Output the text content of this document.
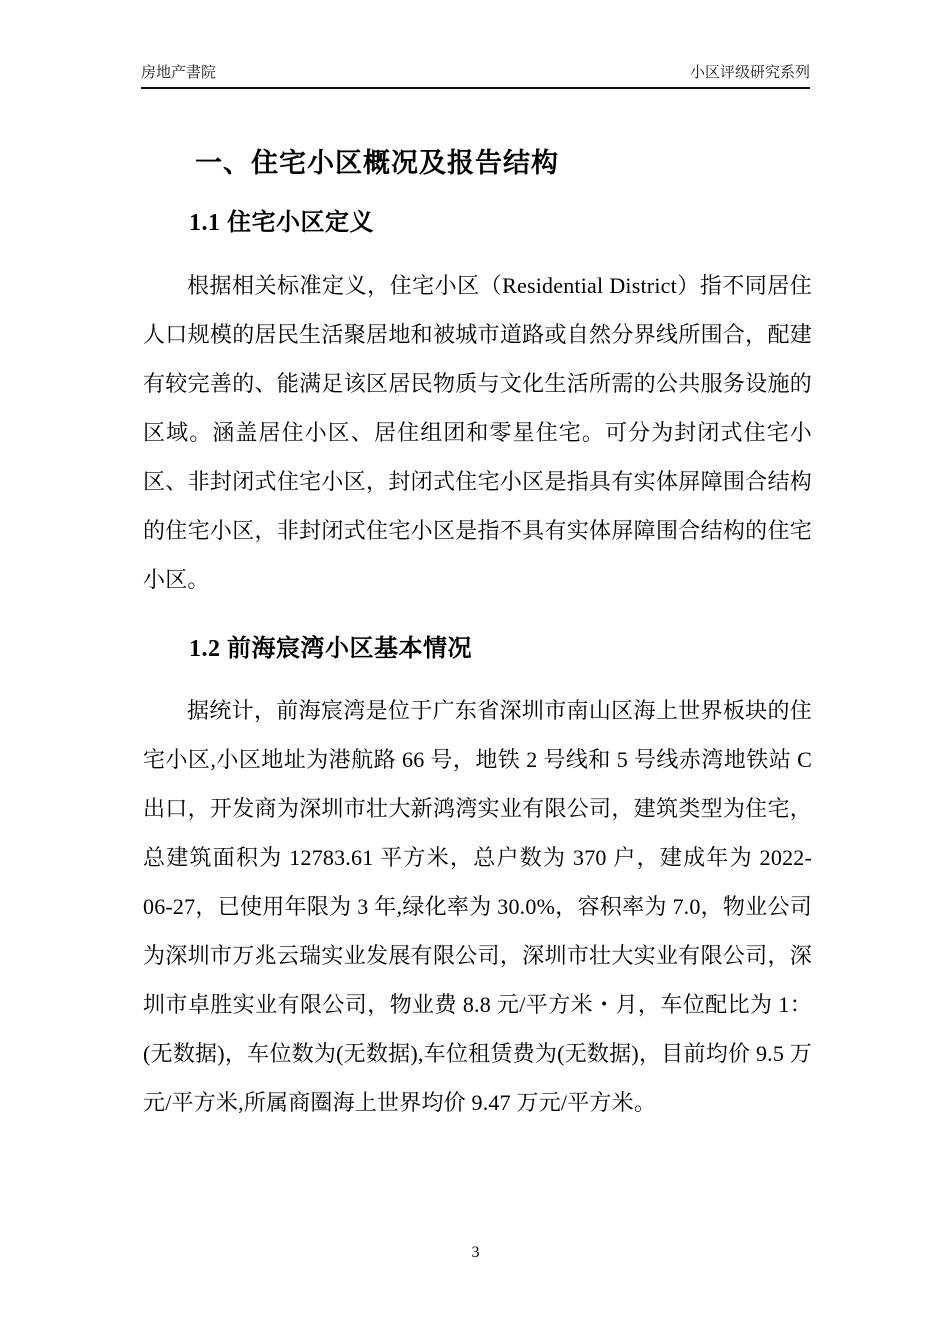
房地产書院	小区评级研究系列
一、住宅小区概况及报告结构
1.1 住宅小区定义

根据相关标准定义，住宅小区（Residential District）指不同居住人口规模的居民生活聚居地和被城市道路或自然分界线所围合，配建有较完善的、能满足该区居民物质与文化生活所需的公共服务设施的区域。涵盖居住小区、居住组团和零星住宅。可分为封闭式住宅小区、非封闭式住宅小区，封闭式住宅小区是指具有实体屏障围合结构的住宅小区，非封闭式住宅小区是指不具有实体屏障围合结构的住宅小区。

1.2 前海宸湾小区基本情况

据统计，前海宸湾是位于广东省深圳市南山区海上世界板块的住宅小区,小区地址为港航路 66 号，地铁 2 号线和 5 号线赤湾地铁站 C 出口，开发商为深圳市壮大新鸿湾实业有限公司，建筑类型为住宅，总建筑面积为 12783.61 平方米，总户数为 370 户，建成年为 2022-06-27，已使用年限为 3 年,绿化率为 30.0%，容积率为 7.0，物业公司为深圳市万兆云瑞实业发展有限公司，深圳市壮大实业有限公司，深圳市卓胜实业有限公司，物业费 8.8 元/平方米・月，车位配比为 1：(无数据)，车位数为(无数据),车位租赁费为(无数据)，目前均价 9.5 万元/平方米,所属商圈海上世界均价 9.47 万元/平方米。

3
